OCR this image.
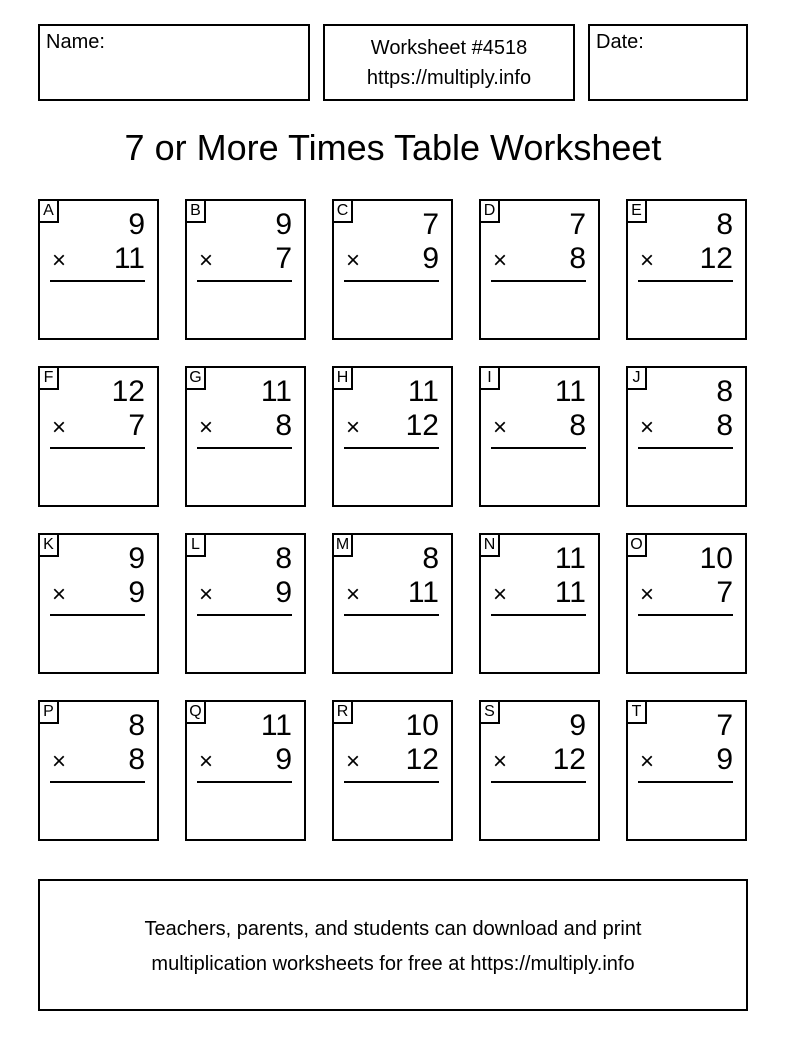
Name:	Worksheet #4518
https://multiply.info
Date:
7 or More Times Table Worksheet
A 9
× 11
B 9
× 7
C 7
× 9
D 7
× 8
E 8
× 12
F 12
× 7
G 11
× 8
H 11
× 12
I 11
× 8
J	8
× 8
K 9
× 9
L	8
× 9
M 8
× 11
N 11
× 11
O 10
× 7
P 8
× 8
Q 11
× 9
R 10
× 12
S 9
× 12
T 7
× 9
Teachers, parents, and students can download and print
multiplication worksheets for free at https://multiply.info
